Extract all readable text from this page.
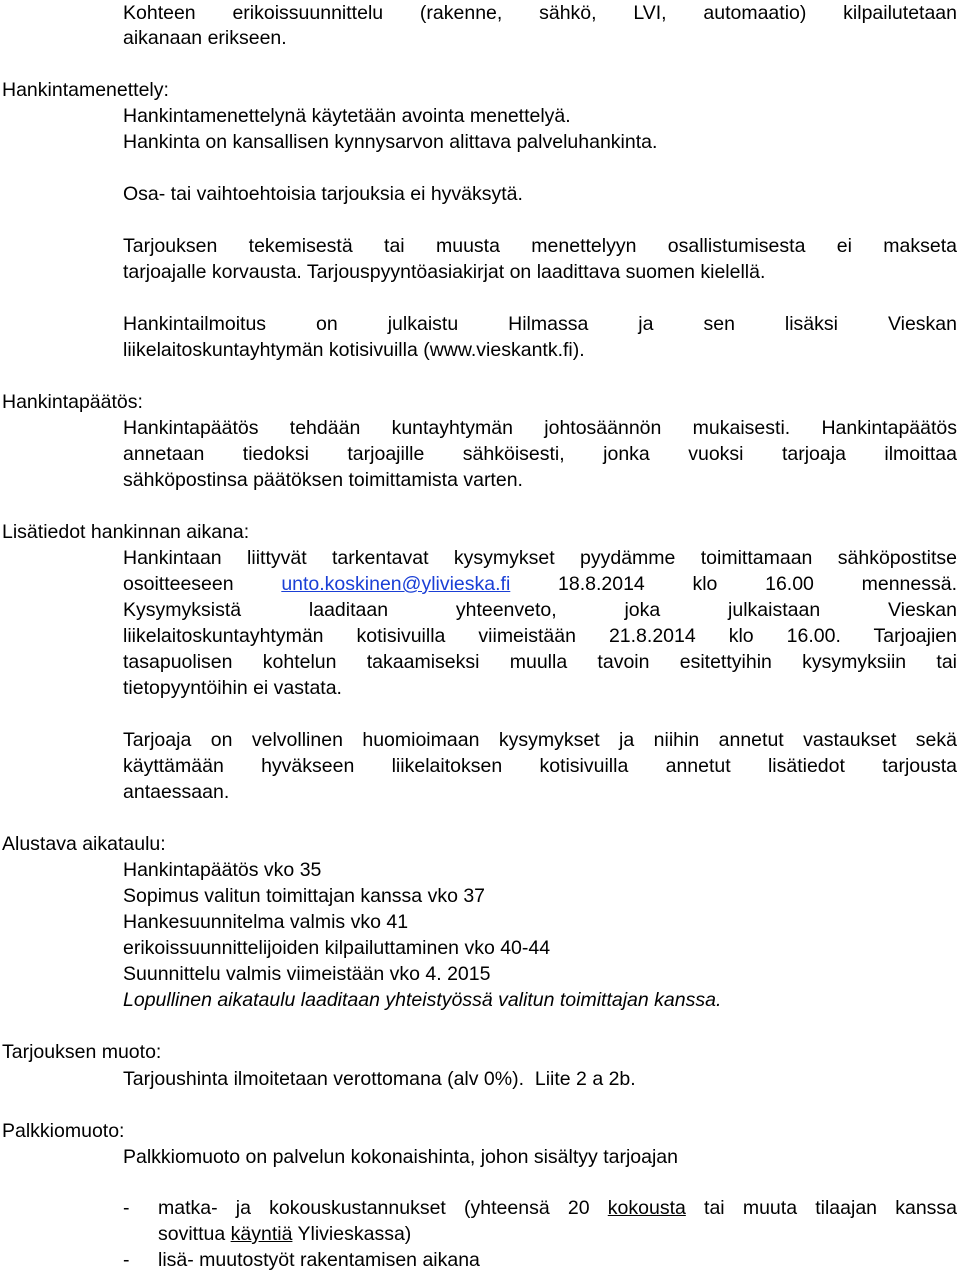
Kohteen erikoissuunnittelu (rakenne, sähkö, LVI, automaatio) kilpailutetaan
aikanaan erikseen.
Hankintamenettely:
Hankintamenettelynä käytetään avointa menettelyä.
Hankinta on kansallisen kynnysarvon alittava palveluhankinta.
Osa- tai vaihtoehtoisia tarjouksia ei hyväksytä.
Tarjouksen tekemisestä tai muusta menettelyyn osallistumisesta ei makseta
tarjoajalle korvausta. Tarjouspyyntöasiakirjat on laadittava suomen kielellä.
Hankintailmoitus on julkaistu Hilmassa ja sen lisäksi Vieskan
liikelaitoskuntayhtymän kotisivuilla (www.vieskantk.fi).
Hankintapäätös:
Hankintapäätös tehdään kuntayhtymän johtosäännön mukaisesti. Hankintapäätös
annetaan tiedoksi tarjoajille sähköisesti, jonka vuoksi tarjoaja ilmoittaa
sähköpostinsa päätöksen toimittamista varten.
Lisätiedot hankinnan aikana:
Hankintaan liittyvät tarkentavat kysymykset pyydämme toimittamaan sähköpostitse
osoitteeseen unto.koskinen@ylivieska.fi 18.8.2014 klo 16.00 mennessä.
Kysymyksistä laaditaan yhteenveto, joka julkaistaan Vieskan
liikelaitoskuntayhtymän kotisivuilla viimeistään 21.8.2014 klo 16.00. Tarjoajien
tasapuolisen kohtelun takaamiseksi muulla tavoin esitettyihin kysymyksiin tai
tietopyyntöihin ei vastata.
Tarjoaja on velvollinen huomioimaan kysymykset ja niihin annetut vastaukset sekä
käyttämään hyväkseen liikelaitoksen kotisivuilla annetut lisätiedot tarjousta
antaessaan.
Alustava aikataulu:
Hankintapäätös vko 35
Sopimus valitun toimittajan kanssa vko 37
Hankesuunnitelma valmis vko 41
erikoissuunnittelijoiden kilpailuttaminen vko 40-44
Suunnittelu valmis viimeistään vko 4. 2015
Lopullinen aikataulu laaditaan yhteistyössä valitun toimittajan kanssa.
Tarjouksen muoto:
Tarjoushinta ilmoitetaan verottomana (alv 0%).  Liite 2 a 2b.
Palkkiomuoto:
Palkkiomuoto on palvelun kokonaishinta, johon sisältyy tarjoajan
- matka- ja kokouskustannukset (yhteensä 20 kokousta tai muuta tilaajan kanssa
sovittua käyntiä Ylivieskassa)
- lisä- muutostyöt rakentamisen aikana
